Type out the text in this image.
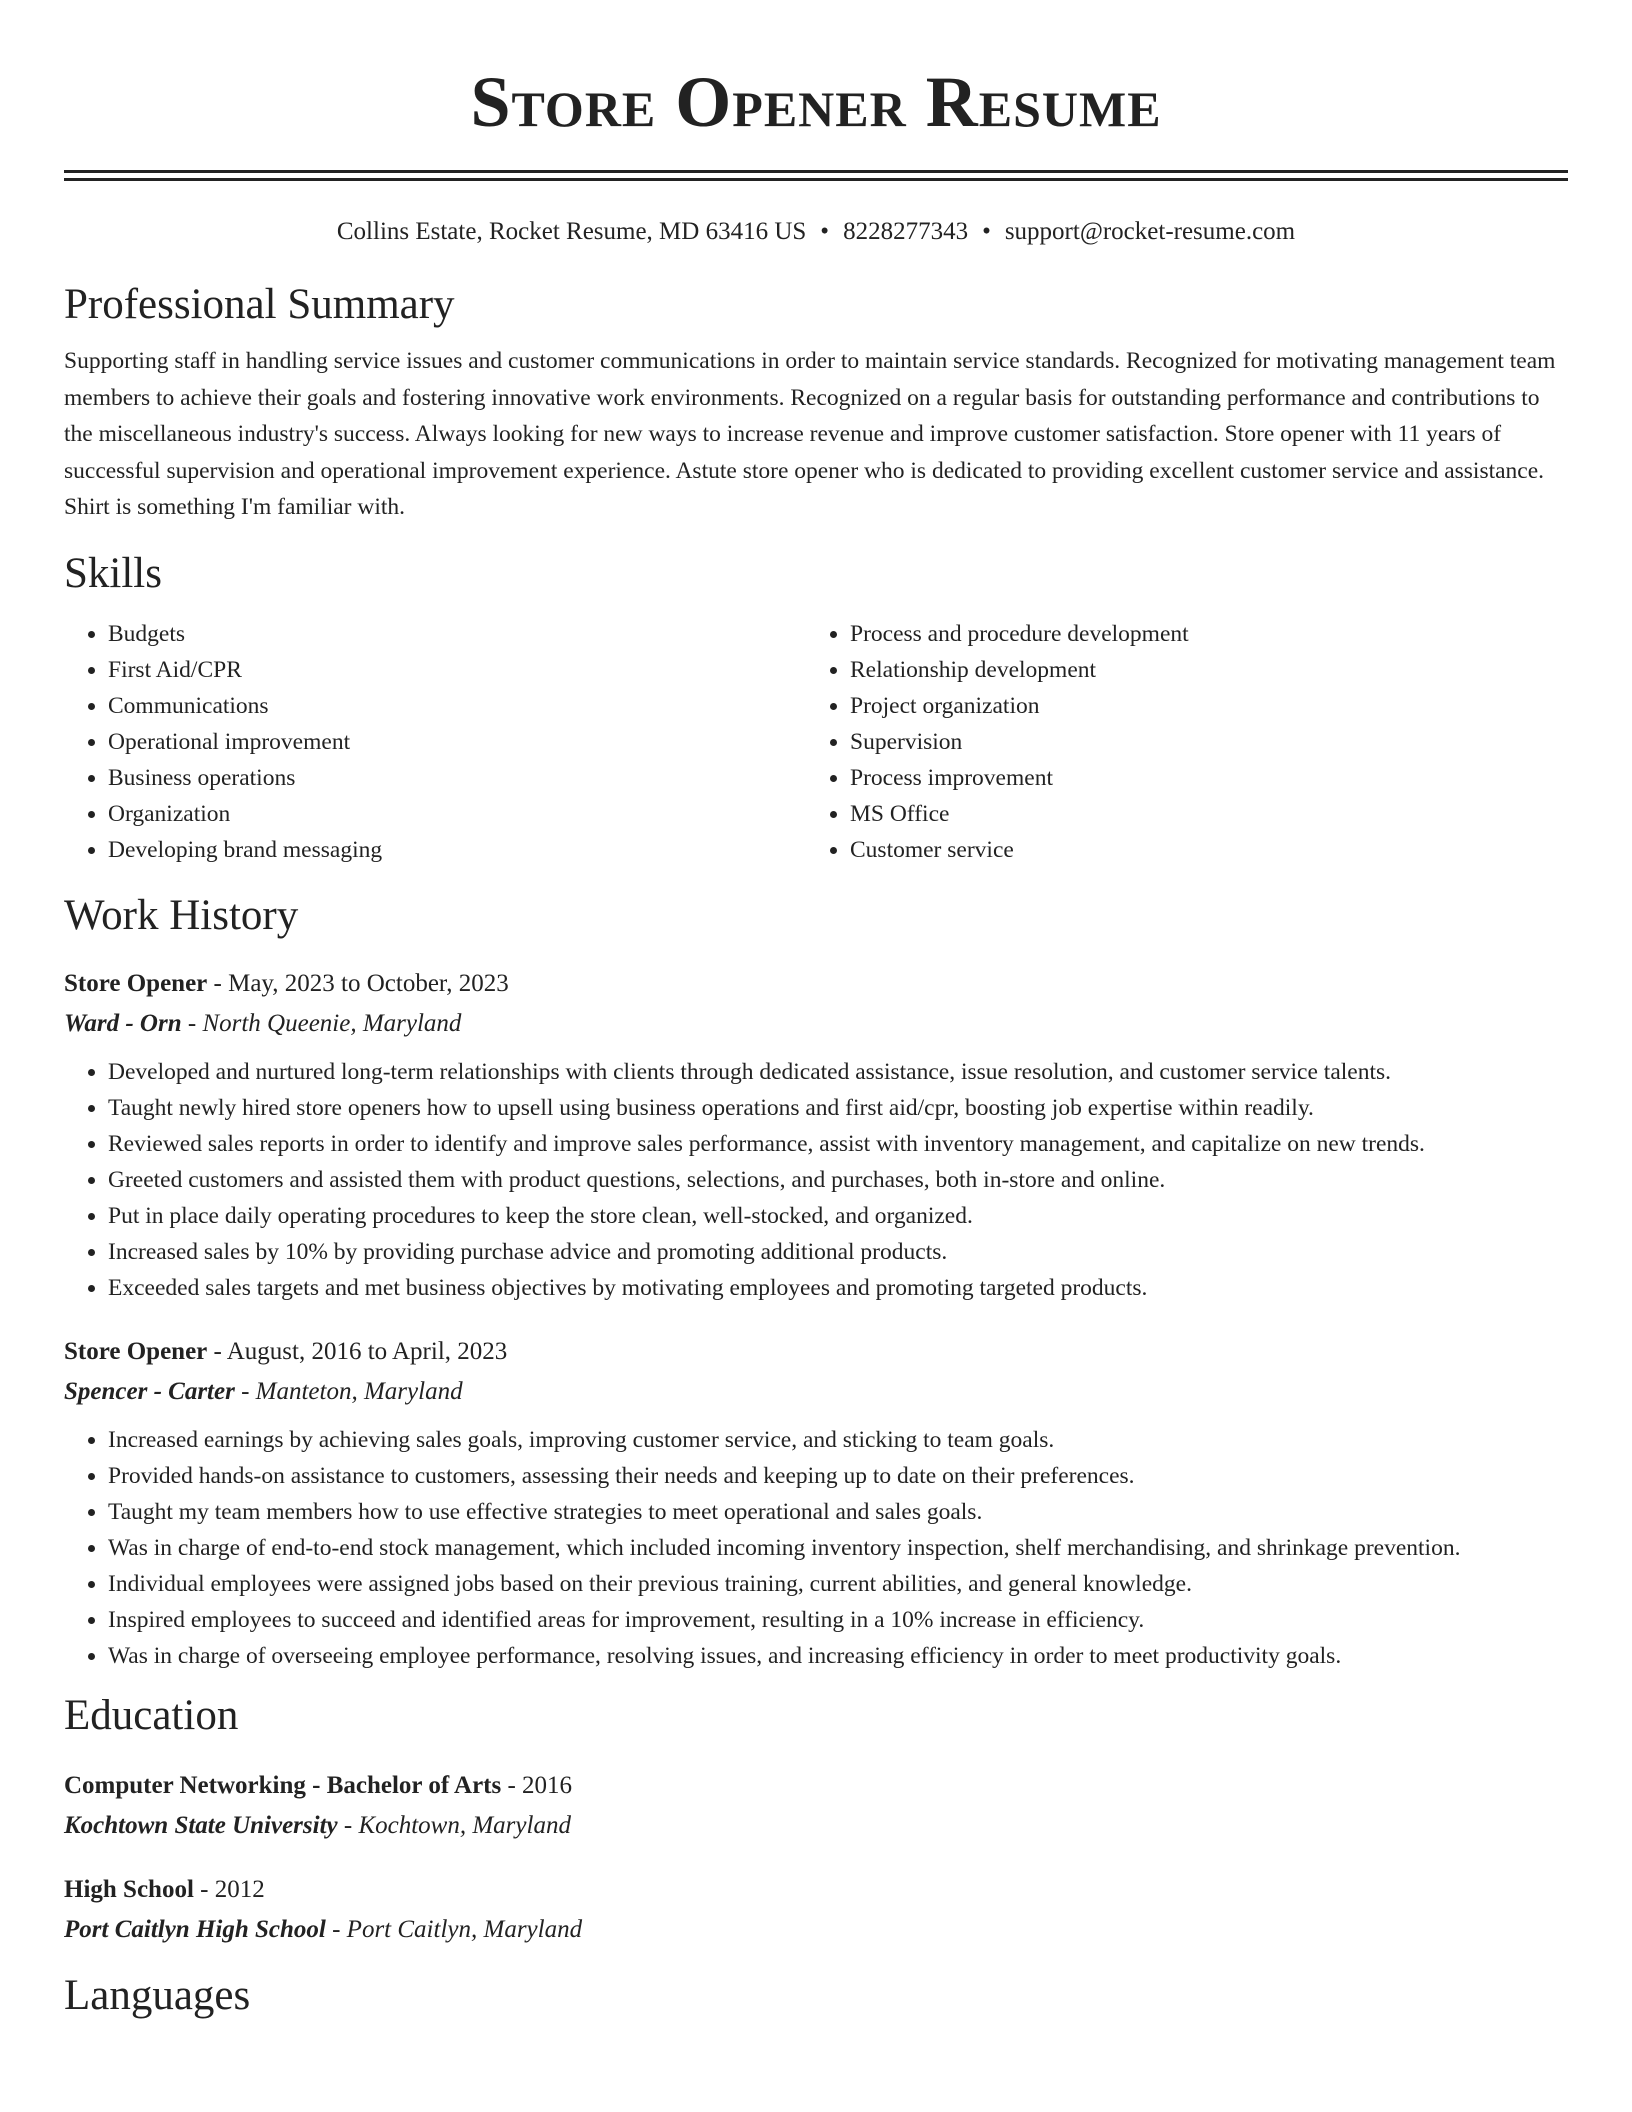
Store Opener Resume
Collins Estate, Rocket Resume, MD 63416 US • 8228277343 • support@rocket-resume.com
Professional Summary

Supporting staff in handling service issues and customer communications in order to maintain service standards. Recognized for motivating management team members to achieve their goals and fostering innovative work environments. Recognized on a regular basis for outstanding performance and contributions to the miscellaneous industry's success. Always looking for new ways to increase revenue and improve customer satisfaction. Store opener with 11 years of successful supervision and operational improvement experience. Astute store opener who is dedicated to providing excellent customer service and assistance. Shirt is something I'm familiar with.

Skills
• Budgets
• First Aid/CPR
• Communications
• Operational improvement
• Business operations
• Organization
• Developing brand messaging
• Process and procedure development
• Relationship development
• Project organization
• Supervision
• Process improvement
• MS Office
• Customer service
Work History
Store Opener - May, 2023 to October, 2023
Ward - Orn - North Queenie, Maryland
• Developed and nurtured long-term relationships with clients through dedicated assistance, issue resolution, and customer service talents.
• Taught newly hired store openers how to upsell using business operations and first aid/cpr, boosting job expertise within readily.
• Reviewed sales reports in order to identify and improve sales performance, assist with inventory management, and capitalize on new trends.
• Greeted customers and assisted them with product questions, selections, and purchases, both in-store and online.
• Put in place daily operating procedures to keep the store clean, well-stocked, and organized.
• Increased sales by 10% by providing purchase advice and promoting additional products.
• Exceeded sales targets and met business objectives by motivating employees and promoting targeted products.
Store Opener - August, 2016 to April, 2023
Spencer - Carter - Manteton, Maryland
• Increased earnings by achieving sales goals, improving customer service, and sticking to team goals.
• Provided hands-on assistance to customers, assessing their needs and keeping up to date on their preferences.
• Taught my team members how to use effective strategies to meet operational and sales goals.
• Was in charge of end-to-end stock management, which included incoming inventory inspection, shelf merchandising, and shrinkage prevention.
• Individual employees were assigned jobs based on their previous training, current abilities, and general knowledge.
• Inspired employees to succeed and identified areas for improvement, resulting in a 10% increase in efficiency.
• Was in charge of overseeing employee performance, resolving issues, and increasing efficiency in order to meet productivity goals.
Education
Computer Networking - Bachelor of Arts - 2016
Kochtown State University - Kochtown, Maryland
High School - 2012
Port Caitlyn High School - Port Caitlyn, Maryland
Languages
